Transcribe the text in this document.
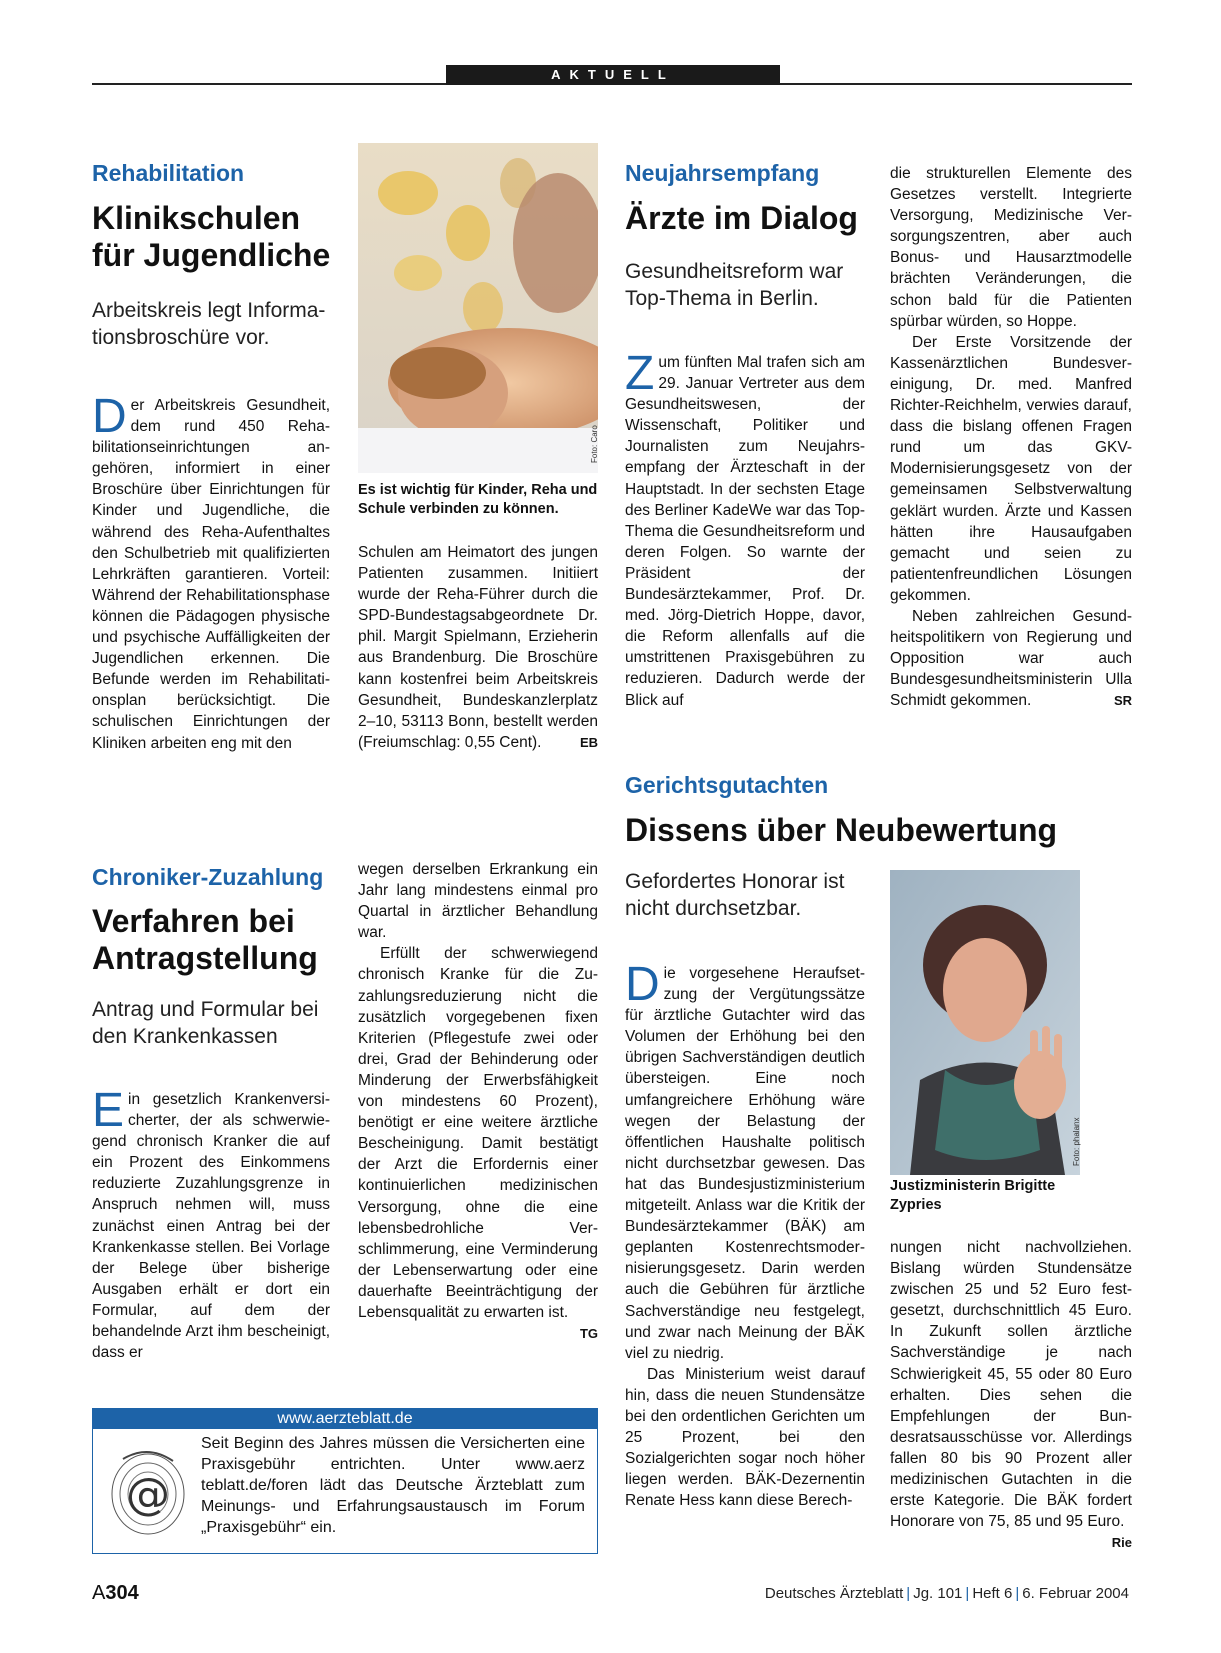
AKTUELL
Rehabilitation
Klinikschulen für Jugendliche
Arbeitskreis legt Informationsbroschüre vor.
Der Arbeitskreis Gesundheit, dem rund 450 Rehabilitationseinrichtungen angehören, informiert in einer Broschüre über Einrichtungen für Kinder und Jugendliche, die während des Reha-Aufenthaltes den Schulbetrieb mit qualifizierten Lehrkräften garantieren. Vorteil: Während der Rehabilitationsphase können die Pädagogen physische und psychische Auffälligkeiten der Jugendlichen erkennen. Die Befunde werden im Rehabilitationsplan berücksichtigt. Die schulischen Einrichtungen der Kliniken arbeiten eng mit den
Foto: Caro
Es ist wichtig für Kinder, Reha und Schule verbinden zu können.
Schulen am Heimatort des jungen Patienten zusammen. Initiiert wurde der Reha-Führer durch die SPD-Bundestagsabgeordnete Dr. phil. Margit Spielmann, Erzieherin aus Brandenburg. Die Broschüre kann kostenfrei beim Arbeitskreis Gesundheit, Bundeskanzlerplatz 2–10, 53113 Bonn, bestellt werden (Freiumschlag: 0,55 Cent).	EB
Neujahrsempfang
Ärzte im Dialog
Gesundheitsreform war Top-Thema in Berlin.
Zum fünften Mal trafen sich am 29. Januar Vertreter aus dem Gesundheitswesen, der Wissenschaft, Politiker und Journalisten zum Neujahrsempfang der Ärzteschaft in der Hauptstadt. In der sechsten Etage des Berliner KadeWe war das Top-Thema die Gesundheitsreform und deren Folgen. So warnte der Präsident der Bundesärztekammer, Prof. Dr. med. Jörg-Dietrich Hoppe, davor, die Reform allenfalls auf die umstrittenen Praxisgebühren zu reduzieren. Dadurch werde der Blick auf

die strukturellen Elemente des Gesetzes verstellt. Integrierte Versorgung, Medizinische Versorgungszentren, aber auch Bonus- und Hausarztmodelle brächten Veränderungen, die schon bald für die Patienten spürbar würden, so Hoppe.

Der Erste Vorsitzende der Kassenärztlichen Bundesvereinigung, Dr. med. Manfred Richter-Reichhelm, verwies darauf, dass die bislang offenen Fragen rund um das GKV-Modernisierungsgesetz von der gemeinsamen Selbstverwaltung geklärt wurden. Ärzte und Kassen hätten ihre Hausaufgaben gemacht und seien zu patientenfreundlichen Lösungen gekommen.

Neben zahlreichen Gesundheitspolitikern von Regierung und Opposition war auch Bundesgesundheitsministerin Ulla Schmidt gekommen.	SR

Chroniker-Zuzahlung
Verfahren bei Antragstellung
Antrag und Formular bei den Krankenkassen
Ein gesetzlich Krankenversicherter, der als schwerwiegend chronisch Kranker die auf ein Prozent des Einkommens reduzierte Zuzahlungsgrenze in Anspruch nehmen will, muss zunächst einen Antrag bei der Krankenkasse stellen. Bei Vorlage der Belege über bisherige Ausgaben erhält er dort ein Formular, auf dem der behandelnde Arzt ihm bescheinigt, dass er

wegen derselben Erkrankung ein Jahr lang mindestens einmal pro Quartal in ärztlicher Behandlung war.

Erfüllt der schwerwiegend chronisch Kranke für die Zuzahlungsreduzierung nicht die zusätzlich vorgegebenen fixen Kriterien (Pflegestufe zwei oder drei, Grad der Behinderung oder Minderung der Erwerbsfähigkeit von mindestens 60 Prozent), benötigt er eine weitere ärztliche Bescheinigung. Damit bestätigt der Arzt die Erfordernis einer kontinuierlichen medizinischen Versorgung, ohne die eine lebensbedrohliche Verschlimmerung, eine Verminderung der Lebenserwartung oder eine dauerhafte Beeinträchtigung der Lebensqualität zu erwarten ist.
TG

Gerichtsgutachten
Dissens über Neubewertung
Gefordertes Honorar ist nicht durchsetzbar.

Die vorgesehene Heraufsetzung der Vergütungssätze für ärztliche Gutachter wird das Volumen der Erhöhung bei den übrigen Sachverständigen deutlich übersteigen. Eine noch umfangreichere Erhöhung wäre wegen der Belastung der öffentlichen Haushalte politisch nicht durchsetzbar gewesen. Das hat das Bundesjustizministerium mitgeteilt. Anlass war die Kritik der Bundesärztekammer (BÄK) am geplanten Kostenrechtsmodernisierungsgesetz. Darin werden auch die Gebühren für ärztliche Sachverständige neu festgelegt, und zwar nach Meinung der BÄK viel zu niedrig.

Das Ministerium weist darauf hin, dass die neuen Stundensätze bei den ordentlichen Gerichten um 25 Prozent, bei den Sozialgerichten sogar noch höher liegen werden. BÄK-Dezernentin Renate Hess kann diese Berech-

Foto: phalanx
Justizministerin Brigitte Zypries
nungen nicht nachvollziehen. Bislang würden Stundensätze zwischen 25 und 52 Euro festgesetzt, durchschnittlich 45 Euro. In Zukunft sollen ärztliche Sachverständige je nach Schwierigkeit 45, 55 oder 80 Euro erhalten. Dies sehen die Empfehlungen der Bundesratsausschüsse vor. Allerdings fallen 80 bis 90 Prozent aller medizinischen Gutachten in die erste Kategorie. Die BÄK fordert Honorare von 75, 85 und 95 Euro.
Rie
www.aerzteblatt.de
@

Seit Beginn des Jahres müssen die Versicherten eine Praxisgebühr entrichten. Unter www.aerz teblatt.de/foren lädt das Deutsche Ärzteblatt zum Meinungs- und Erfahrungsaustausch im Forum „Praxisgebühr“ ein.

A304	Deutsches Ärzteblatt | Jg. 101 | Heft 6 | 6. Februar 2004
